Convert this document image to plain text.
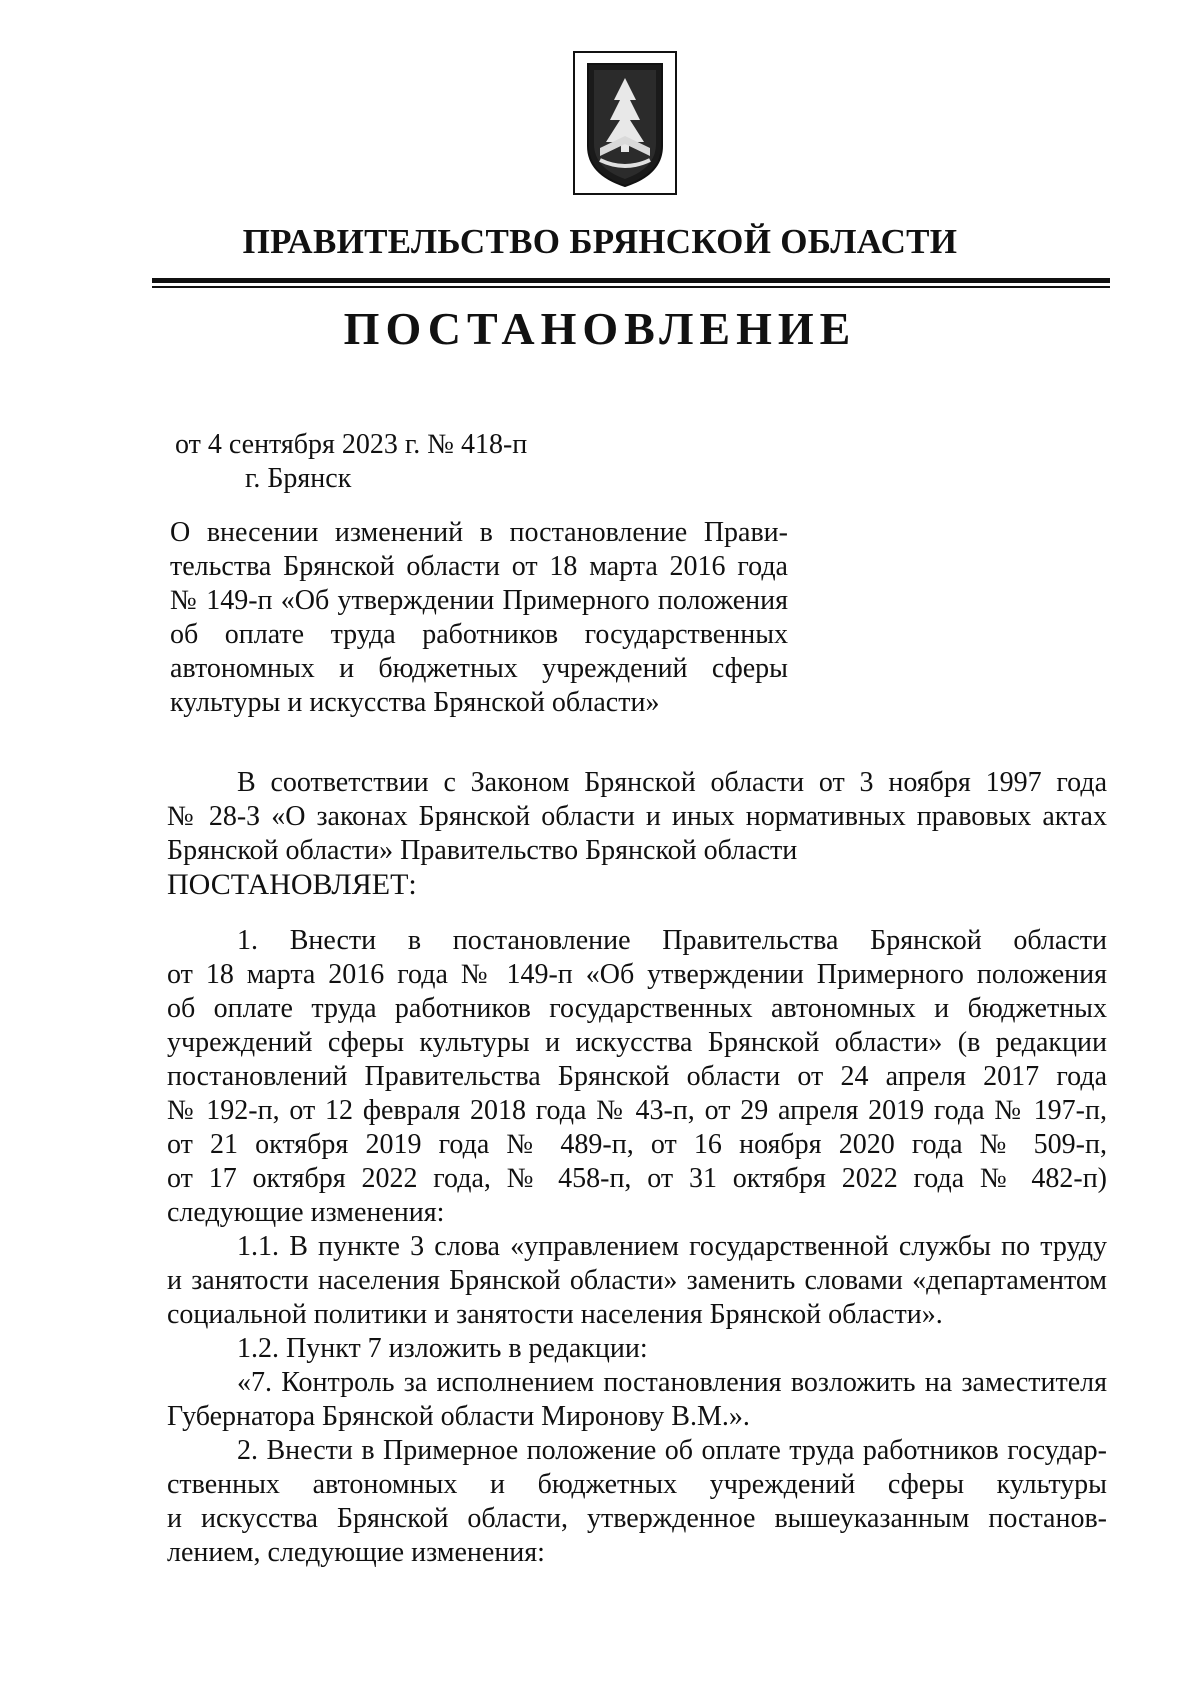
ПРАВИТЕЛЬСТВО БРЯНСКОЙ ОБЛАСТИ
ПОСТАНОВЛЕНИЕ
от 4 сентября 2023 г. № 418-п
г. Брянск
О внесении изменений в постановление Прави-
тельства Брянской области от 18 марта 2016 года
№ 149-п «Об утверждении Примерного положения
об оплате труда работников государственных
автономных и бюджетных учреждений сферы
культуры и искусства Брянской области»
В соответствии с Законом Брянской области от 3 ноября 1997 года
№ 28-З «О законах Брянской области и иных нормативных правовых актах
Брянской области» Правительство Брянской области
ПОСТАНОВЛЯЕТ:
1. Внести в постановление Правительства Брянской области
от 18 марта 2016 года № 149-п «Об утверждении Примерного положения
об оплате труда работников государственных автономных и бюджетных
учреждений сферы культуры и искусства Брянской области» (в редакции
постановлений Правительства Брянской области от 24 апреля 2017 года
№ 192-п, от 12 февраля 2018 года № 43-п, от 29 апреля 2019 года № 197-п,
от 21 октября 2019 года № 489-п, от 16 ноября 2020 года № 509-п,
от 17 октября 2022 года, № 458-п, от 31 октября 2022 года № 482-п)
следующие изменения:
1.1. В пункте 3 слова «управлением государственной службы по труду
и занятости населения Брянской области» заменить словами «департаментом
социальной политики и занятости населения Брянской области».
1.2. Пункт 7 изложить в редакции:
«7. Контроль за исполнением постановления возложить на заместителя
Губернатора Брянской области Миронову В.М.».
2. Внести в Примерное положение об оплате труда работников государ-
ственных автономных и бюджетных учреждений сферы культуры
и искусства Брянской области, утвержденное вышеуказанным постанов-
лением, следующие изменения:
